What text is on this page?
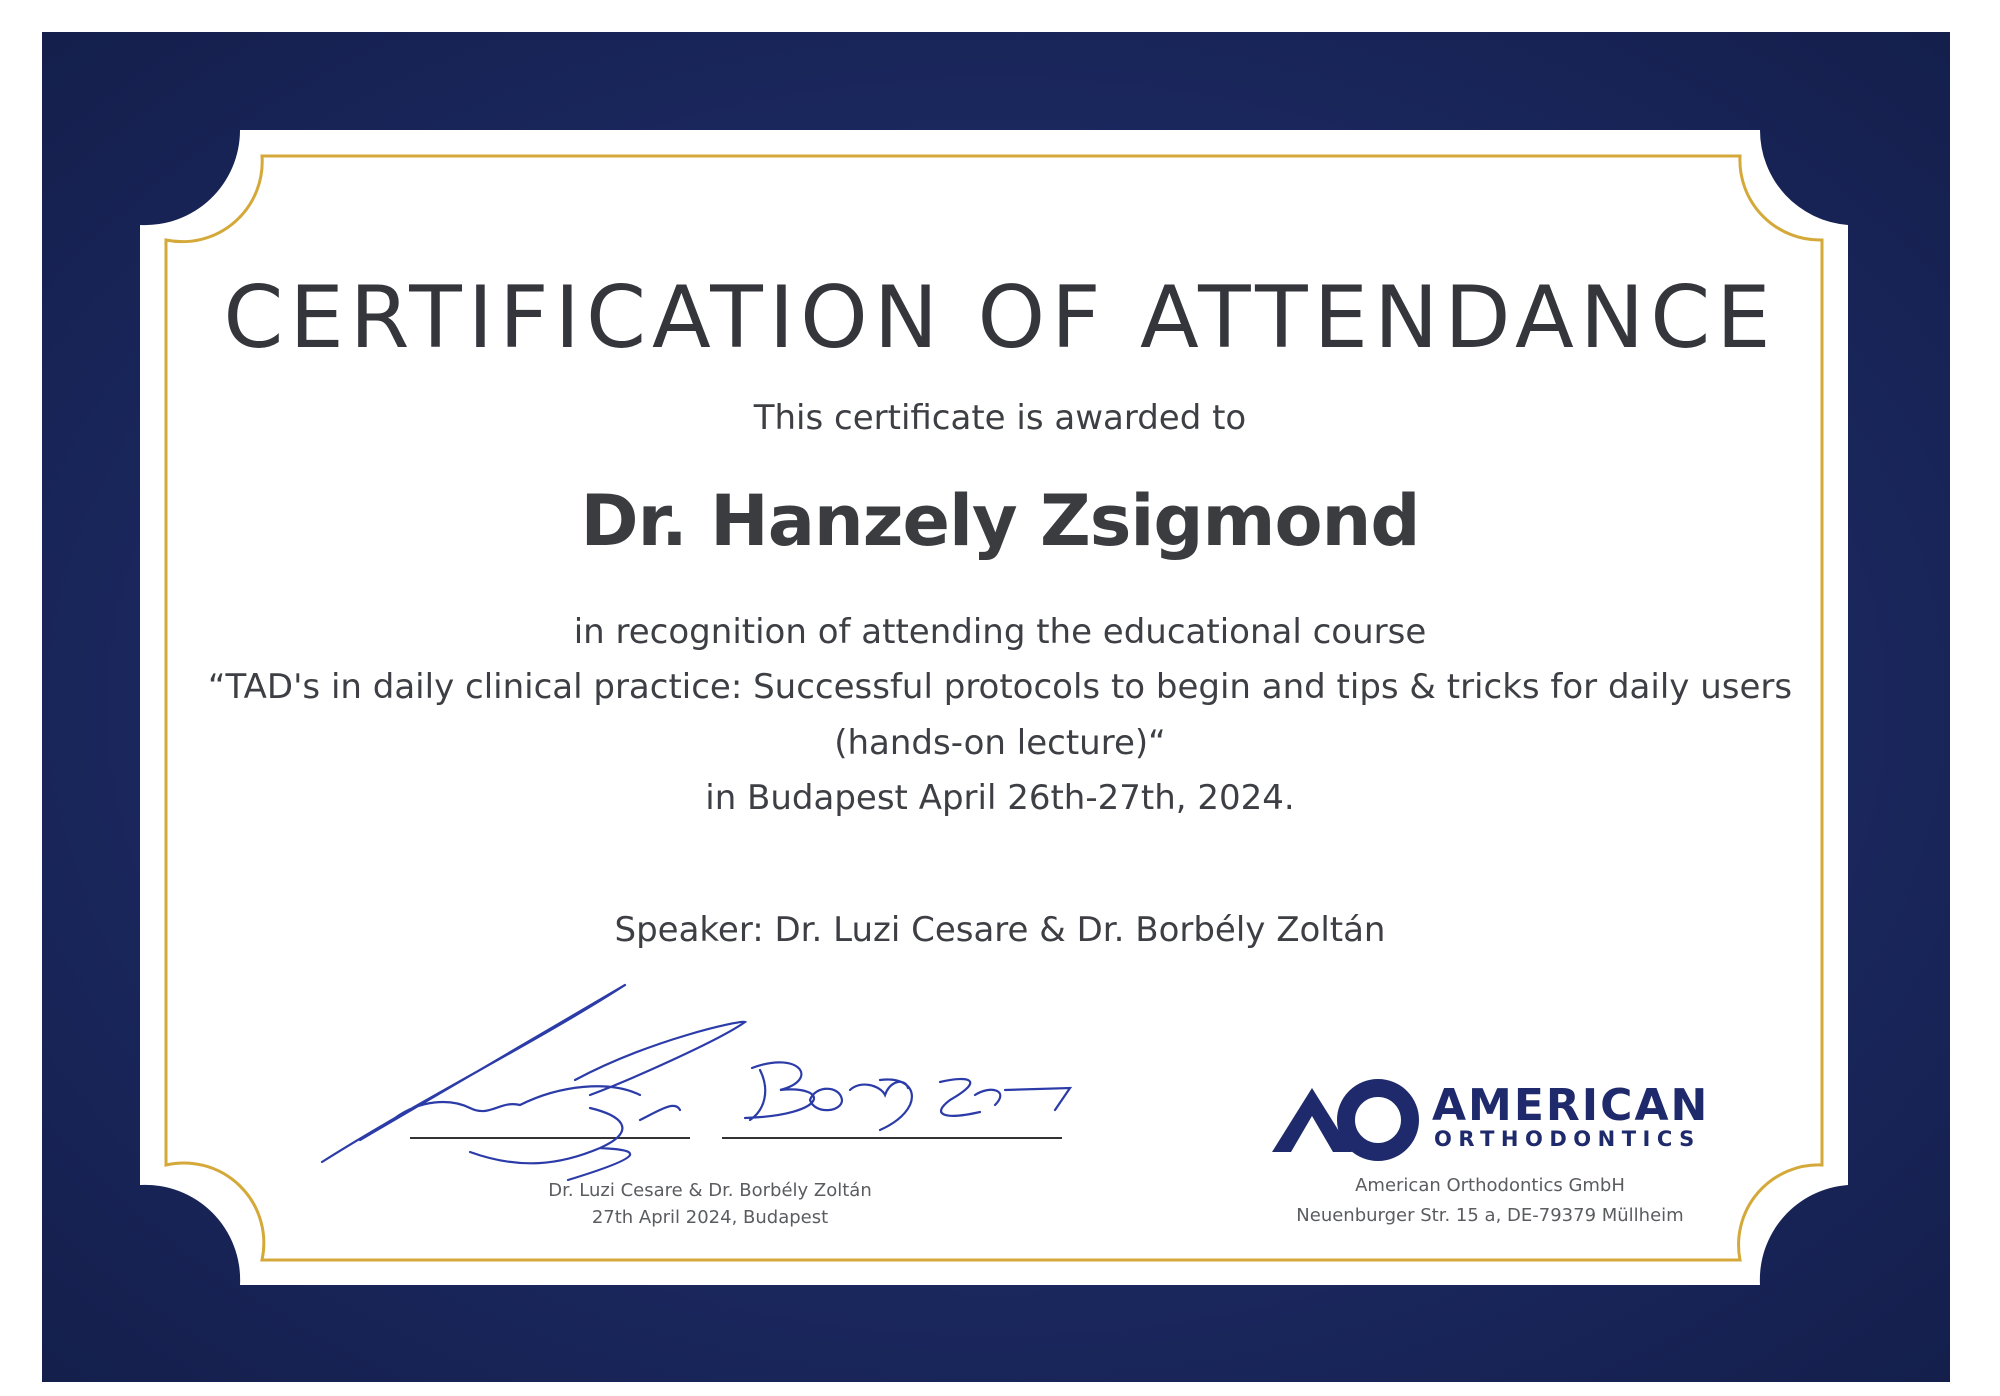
CERTIFICATION OF ATTENDANCE
This certificate is awarded to
Dr. Hanzely Zsigmond
in recognition of attending the educational course
“TAD's in daily clinical practice: Successful protocols to begin and tips & tricks for daily users
(hands-on lecture)“
in Budapest April 26th-27th, 2024.
Speaker: Dr. Luzi Cesare & Dr. Borbély Zoltán
Dr. Luzi Cesare & Dr. Borbély Zoltán
27th April 2024, Budapest
AMERICAN
ORTHODONTICS
American Orthodontics GmbH
Neuenburger Str. 15 a, DE-79379 Müllheim
